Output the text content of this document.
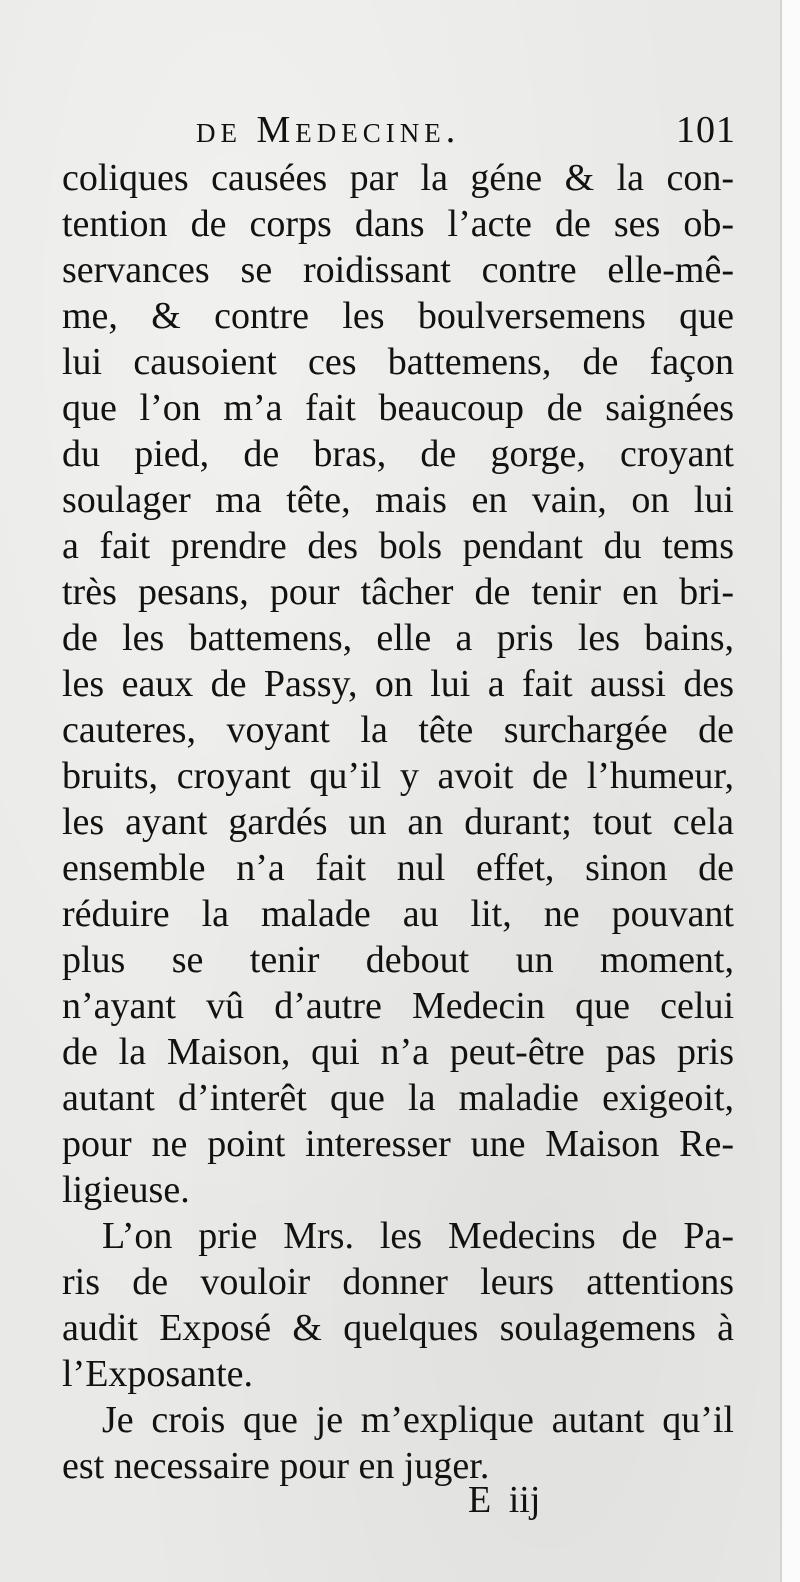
de Medecine.	101
coliques causées par la géne & la con-
tention de corps dans l’acte de ses ob-
servances se roidissant contre elle-mê-
me, & contre les boulversemens que
lui causoient ces battemens, de façon
que l’on m’a fait beaucoup de saignées
du pied, de bras, de gorge, croyant
soulager ma tête, mais en vain, on lui
a fait prendre des bols pendant du tems
très pesans, pour tâcher de tenir en bri-
de les battemens, elle a pris les bains,
les eaux de Passy, on lui a fait aussi des
cauteres, voyant la tête surchargée de
bruits, croyant qu’il y avoit de l’humeur,
les ayant gardés un an durant; tout cela
ensemble n’a fait nul effet, sinon de
réduire la malade au lit, ne pouvant
plus se tenir debout un moment,
n’ayant vû d’autre Medecin que celui
de la Maison, qui n’a peut-être pas pris
autant d’interêt que la maladie exigeoit,
pour ne point interesser une Maison Re-
ligieuse.
L’on prie Mrs. les Medecins de Pa-
ris de vouloir donner leurs attentions
audit Exposé & quelques soulagemens à
l’Exposante.
Je crois que je m’explique autant qu’il
est necessaire pour en juger.
E iij
